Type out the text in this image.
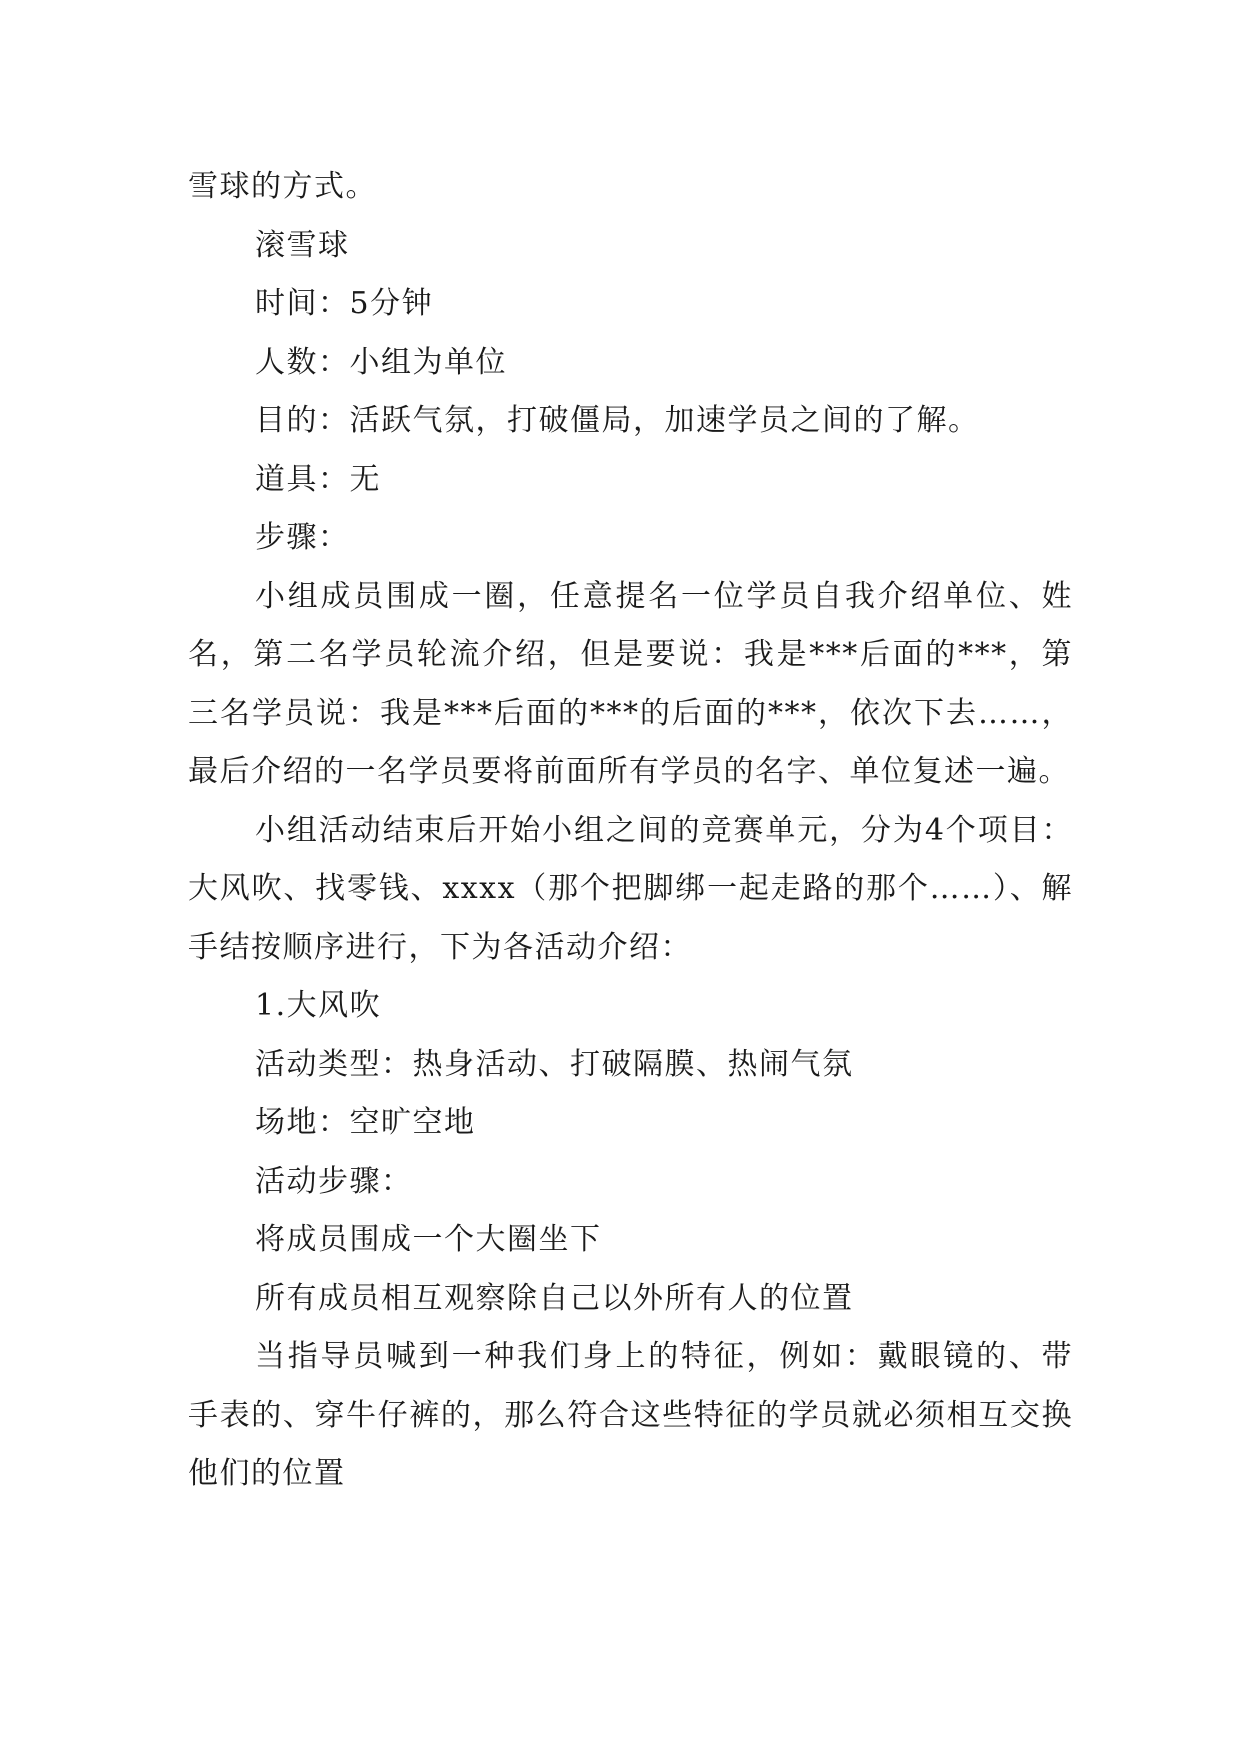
雪球的方式。

滚雪球

时间：5分钟

人数：小组为单位

目的：活跃气氛，打破僵局，加速学员之间的了解。

道具：无

步骤：

小组成员围成一圈，任意提名一位学员自我介绍单位、姓名，第二名学员轮流介绍，但是要说：我是***后面的***，第三名学员说：我是***后面的***的后面的***，依次下去……，最后介绍的一名学员要将前面所有学员的名字、单位复述一遍。

小组活动结束后开始小组之间的竞赛单元，分为4个项目：大风吹、找零钱、xxxx（那个把脚绑一起走路的那个……）、解手结按顺序进行，下为各活动介绍：

1.大风吹

活动类型：热身活动、打破隔膜、热闹气氛

场地：空旷空地

活动步骤：

将成员围成一个大圈坐下

所有成员相互观察除自己以外所有人的位置

当指导员喊到一种我们身上的特征，例如：戴眼镜的、带手表的、穿牛仔裤的，那么符合这些特征的学员就必须相互交换他们的位置
